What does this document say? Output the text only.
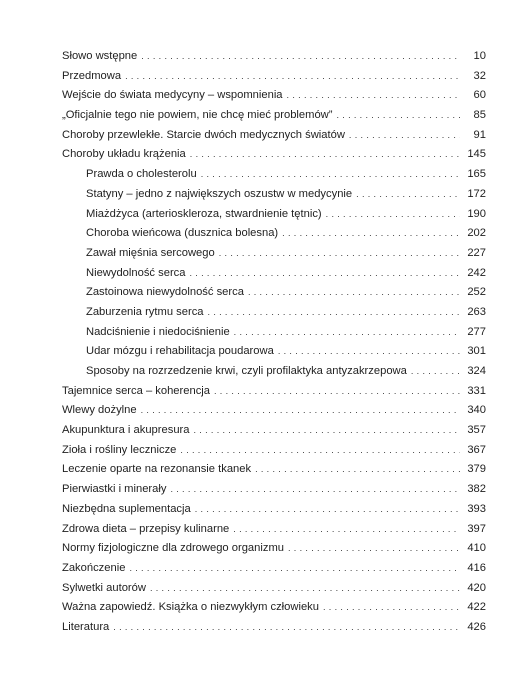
Słowo wstępne .....	10
Przedmowa .....	32
Wejście do świata medycyny – wspomnienia .....	60
„Oficjalnie tego nie powiem, nie chcę mieć problemów” .....	85
Choroby przewlekłe. Starcie dwóch medycznych światów .....	91
Choroby układu krążenia .....	145
Prawda o cholesterolu .....	165
Statyny – jedno z największych oszustw w medycynie .....	172
Miażdżyca (arterioskleroza, stwardnienie tętnic) .....	190
Choroba wieńcowa (dusznica bolesna) .....	202
Zawał mięśnia sercowego .....	227
Niewydolność serca .....	242
Zastoinowa niewydolność serca .....	252
Zaburzenia rytmu serca .....	263
Nadciśnienie i niedociśnienie .....	277
Udar mózgu i rehabilitacja poudarowa .....	301
Sposoby na rozrzedzenie krwi, czyli profilaktyka antyzakrzepowa .....	324
Tajemnice serca – koherencja .....	331
Wlewy dożylne .....	340
Akupunktura i akupresura .....	357
Zioła i rośliny lecznicze .....	367
Leczenie oparte na rezonansie tkanek .....	379
Pierwiastki i minerały .....	382
Niezbędna suplementacja .....	393
Zdrowa dieta – przepisy kulinarne .....	397
Normy fizjologiczne dla zdrowego organizmu .....	410
Zakończenie .....	416
Sylwetki autorów .....	420
Ważna zapowiedź. Książka o niezwykłym człowieku .....	422
Literatura .....	426
